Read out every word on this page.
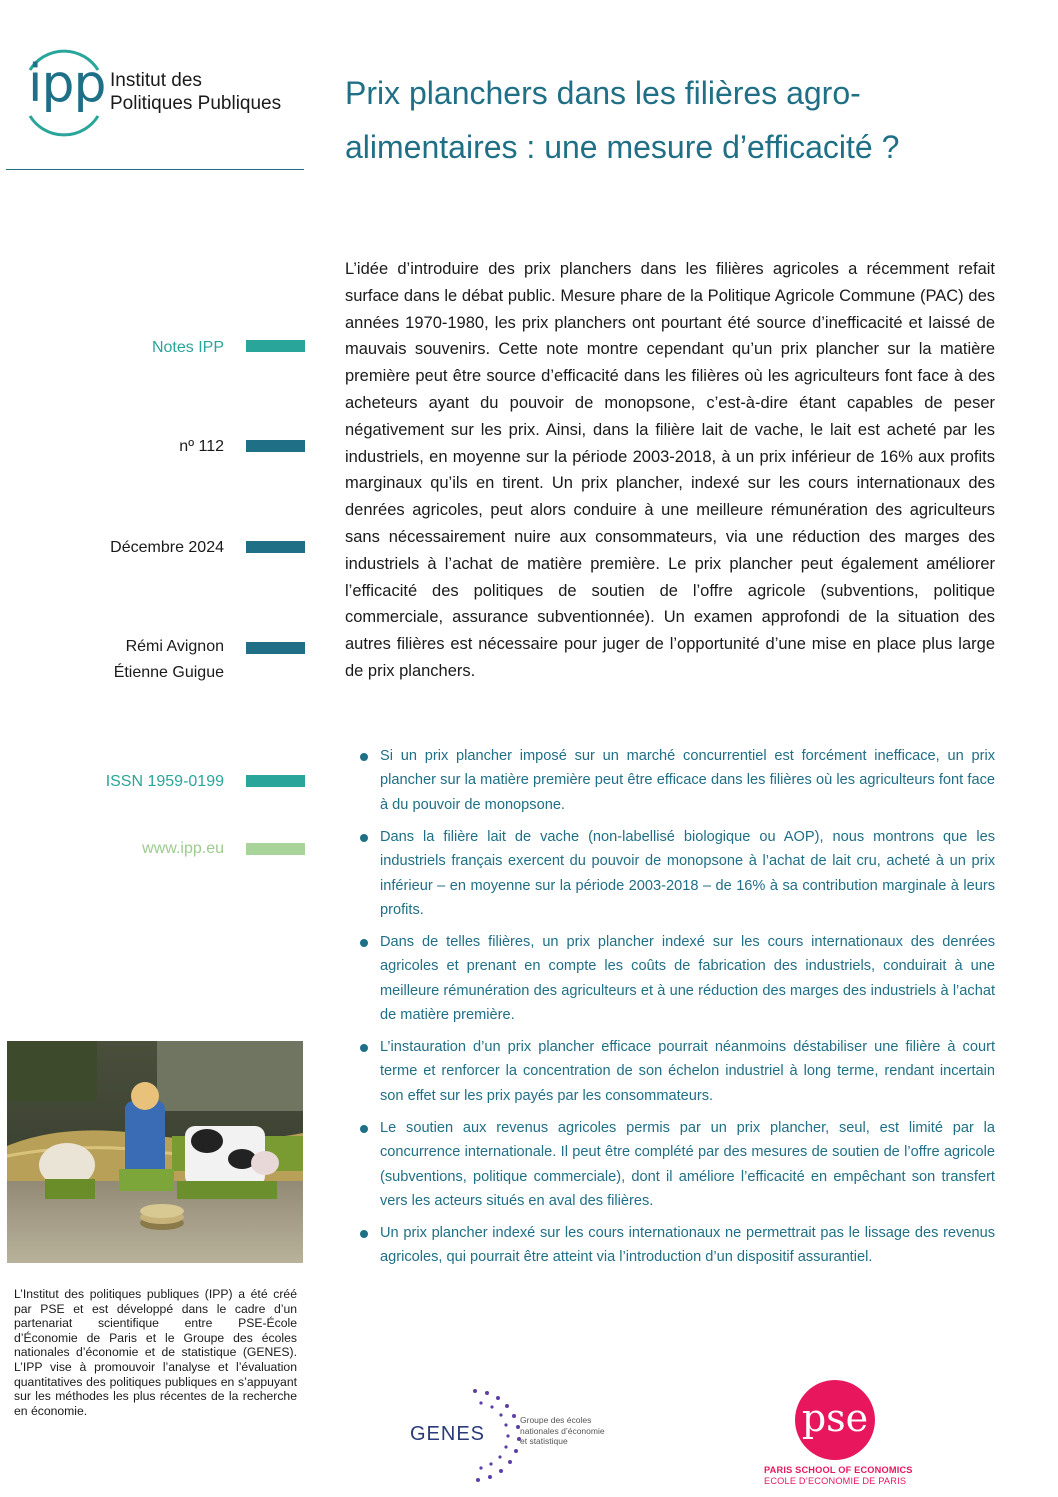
ipp Institut des
Politiques Publiques Prix planchers dans les filières agro-alimentaires : une mesure d’efficacité ?
Notes IPP
nº 112
Décembre 2024
Rémi Avignon
Étienne Guigue
ISSN 1959-0199
www.ipp.eu
L’idée d’introduire des prix planchers dans les filières agricoles a récemment refait surface dans le débat public. Mesure phare de la Politique Agricole Commune (PAC) des années 1970-1980, les prix planchers ont pourtant été source d’inefficacité et laissé de mauvais souvenirs. Cette note montre cependant qu’un prix plancher sur la matière première peut être source d’efficacité dans les filières où les agriculteurs font face à des acheteurs ayant du pouvoir de monopsone, c’est-à-dire étant capables de peser négativement sur les prix. Ainsi, dans la filière lait de vache, le lait est acheté par les industriels, en moyenne sur la période 2003-2018, à un prix inférieur de 16% aux profits marginaux qu’ils en tirent. Un prix plancher, indexé sur les cours internationaux des denrées agricoles, peut alors conduire à une meilleure rémunération des agriculteurs sans nécessairement nuire aux consommateurs, via une réduction des marges des industriels à l’achat de matière première. Le prix plancher peut également améliorer l’efficacité des politiques de soutien de l’offre agricole (subventions, politique commerciale, assurance subventionnée). Un examen approfondi de la situation des autres filières est nécessaire pour juger de l’opportunité d’une mise en place plus large de prix planchers.
Si un prix plancher imposé sur un marché concurrentiel est forcément inefficace, un prix plancher sur la matière première peut être efficace dans les filières où les agriculteurs font face à du pouvoir de monopsone.
Dans la filière lait de vache (non-labellisé biologique ou AOP), nous montrons que les industriels français exercent du pouvoir de monopsone à l’achat de lait cru, acheté à un prix inférieur – en moyenne sur la période 2003-2018 – de 16% à sa contribution marginale à leurs profits.
Dans de telles filières, un prix plancher indexé sur les cours internationaux des denrées agricoles et prenant en compte les coûts de fabrication des industriels, conduirait à une meilleure rémunération des agriculteurs et à une réduction des marges des industriels à l’achat de matière première.
L’instauration d’un prix plancher efficace pourrait néanmoins déstabiliser une filière à court terme et renforcer la concentration de son échelon industriel à long terme, rendant incertain son effet sur les prix payés par les consommateurs.
Le soutien aux revenus agricoles permis par un prix plancher, seul, est limité par la concurrence internationale. Il peut être complété par des mesures de soutien de l’offre agricole (subventions, politique commerciale), dont il améliore l’efficacité en empêchant son transfert vers les acteurs situés en aval des filières.
Un prix plancher indexé sur les cours internationaux ne permettrait pas le lissage des revenus agricoles, qui pourrait être atteint via l’introduction d’un dispositif assurantiel.
L’Institut des politiques publiques (IPP) a été créé par PSE et est développé dans le cadre d’un partenariat scientifique entre PSE-École d’Économie de Paris et le Groupe des écoles nationales d’économie et de statistique (GENES). L’IPP vise à promouvoir l’analyse et l’évaluation quantitatives des politiques publiques en s’appuyant sur les méthodes les plus récentes de la recherche en économie.
GENES
Groupe des écoles
nationales d’économie
et statistique
pse
PARIS SCHOOL OF ECONOMICS
ECOLE D’ECONOMIE DE PARIS
